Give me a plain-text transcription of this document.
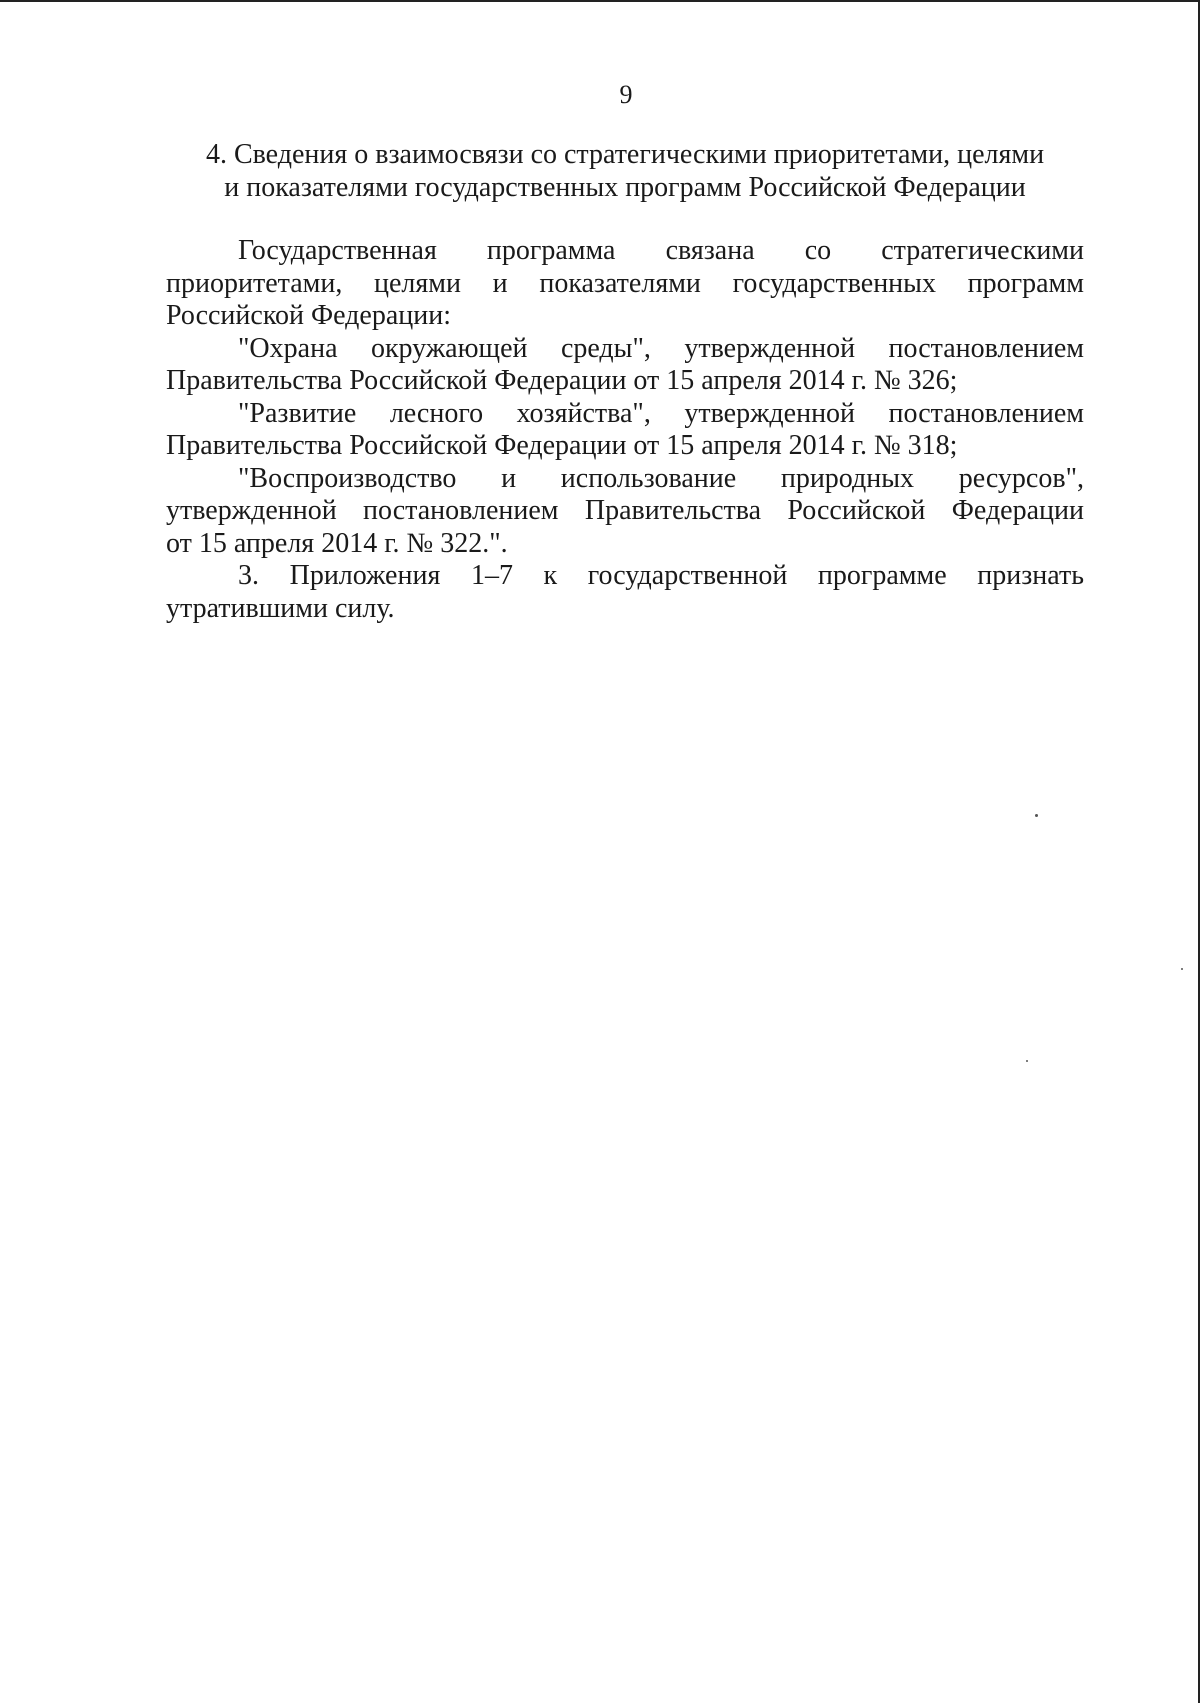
9
4. Сведения о взаимосвязи со стратегическими приоритетами, целями
и показателями государственных программ Российской Федерации

Государственная программа связана со стратегическими
приоритетами, целями и показателями государственных программ
Российской Федерации:

"Охрана окружающей среды", утвержденной постановлением
Правительства Российской Федерации от 15 апреля 2014 г. № 326;

"Развитие лесного хозяйства", утвержденной постановлением
Правительства Российской Федерации от 15 апреля 2014 г. № 318;

"Воспроизводство и использование природных ресурсов",
утвержденной постановлением Правительства Российской Федерации
от 15 апреля 2014 г. № 322.".

3. Приложения 1–7 к государственной программе признать
утратившими силу.
